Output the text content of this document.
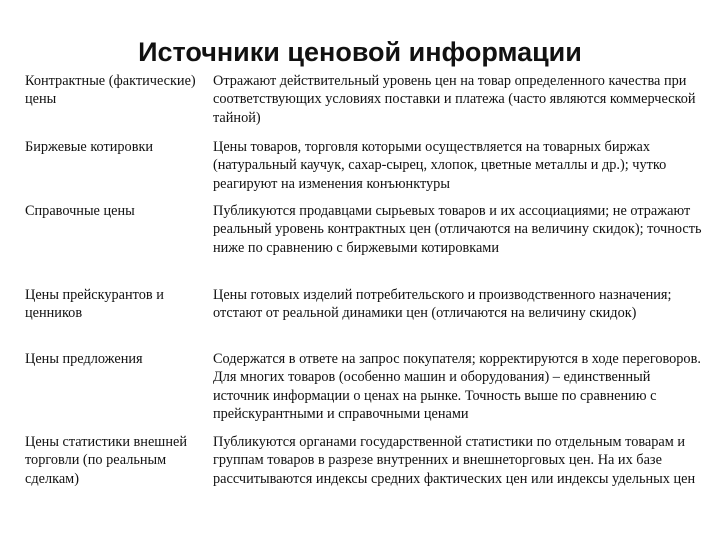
Источники ценовой информации
Контрактные (фактические) цены	Отражают действительный уровень цен на товар определенного качества при соответствующих условиях поставки и платежа (часто являются коммерческой тайной)
Биржевые котировки	Цены товаров, торговля которыми осуществляется на товарных биржах (натуральный каучук, сахар-сырец, хлопок, цветные металлы и др.); чутко реагируют на изменения конъюнктуры
Справочные цены	Публикуются продавцами сырьевых товаров и их ассоциациями; не отражают реальный уровень контрактных цен (отличаются на величину скидок); точность ниже по сравнению с биржевыми котировками
Цены прейскурантов и ценников	Цены готовых изделий потребительского и производственного назначения; отстают от реальной динамики цен (отличаются на величину скидок)
Цены предложения	Содержатся в ответе на запрос покупателя; корректируются в ходе переговоров. Для многих товаров (особенно машин и оборудования) – единственный источник информации о ценах на рынке. Точность выше по сравнению с прейскурантными и справочными ценами
Цены статистики внешней торговли (по реальным сделкам)	Публикуются органами государственной статистики по отдельным товарам и группам товаров в разрезе внутренних и внешнеторговых цен. На их базе рассчитываются индексы средних фактических цен или индексы удельных цен
